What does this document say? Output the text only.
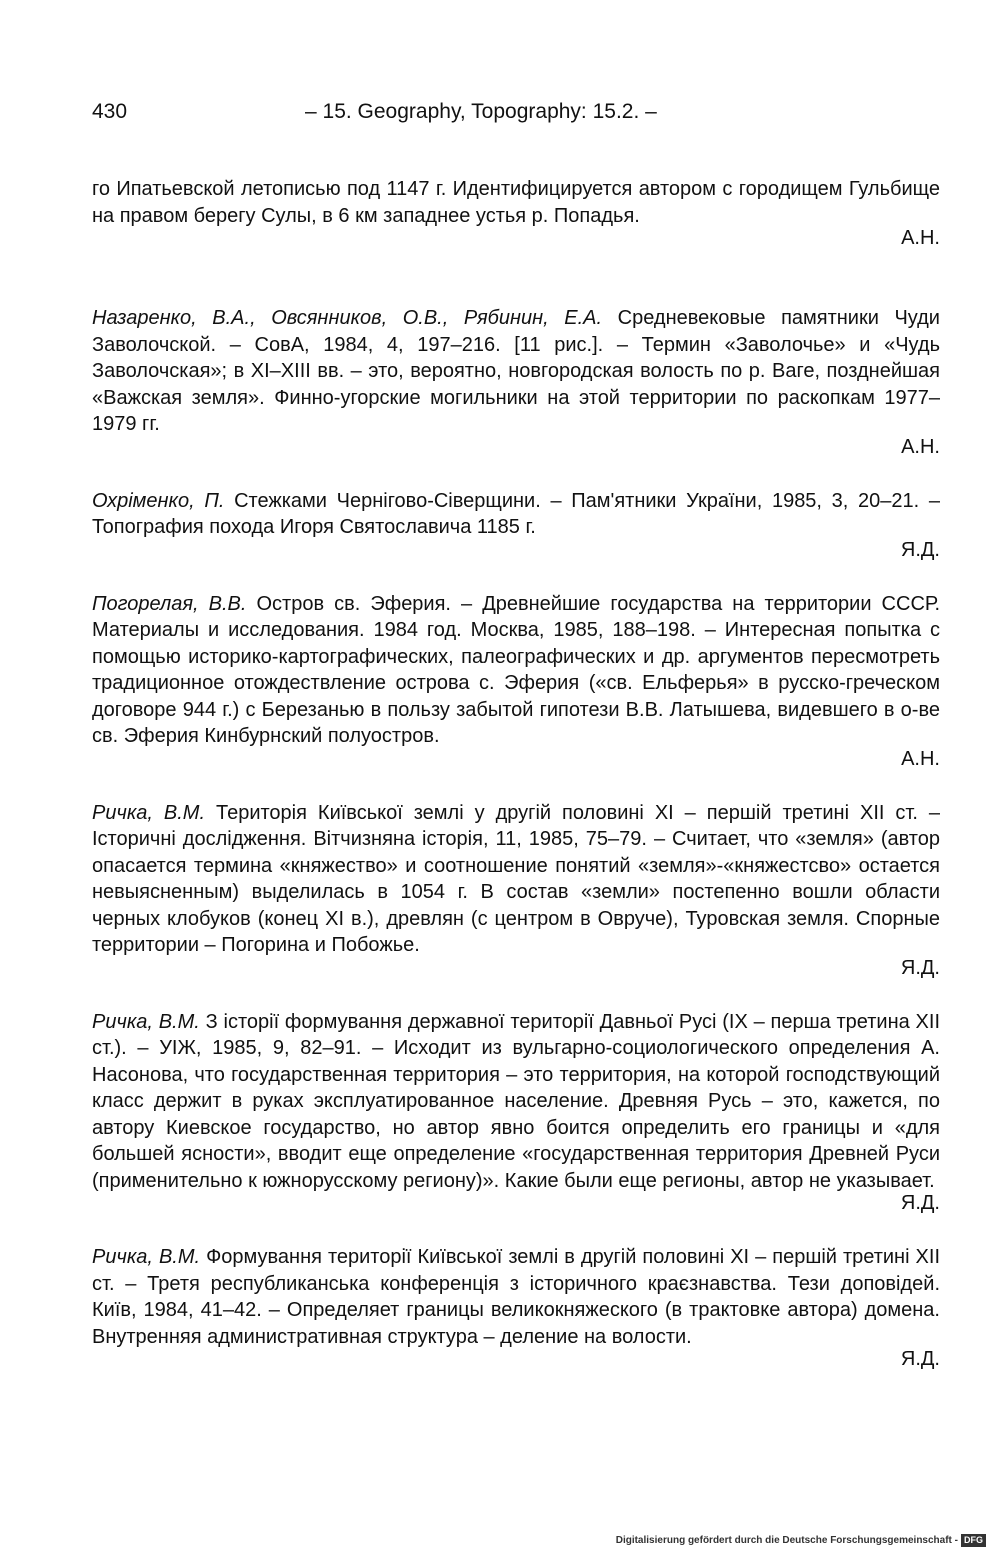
430	– 15. Geography, Topography: 15.2. –

го Ипатьевской летописью под 1147 г. Идентифицируется автором с городищем Гульбище на правом берегу Сулы, в 6 км западнее устья р. Попадья.

А.Н.

Назаренко, В.А., Овсянников, О.В., Рябинин, Е.А. Средневековые памятники Чуди Заволочской. – СовА, 1984, 4, 197–216. [11 рис.]. – Термин «Заволочье» и «Чудь Заволочская»; в XI–XIII вв. – это, вероятно, новгородская волость по р. Ваге, позднейшая «Важская земля». Финно-угорские могильники на этой территории по раскопкам 1977–1979 гг.

А.Н.

Охріменко, П. Стежками Чернігово-Сіверщини. – Пам'ятники України, 1985, 3, 20–21. – Топография похода Игоря Святославича 1185 г.

Я.Д.

Погорелая, В.В. Остров св. Эферия. – Древнейшие государства на территории СССР. Материалы и исследования. 1984 год. Москва, 1985, 188–198. – Интересная попытка с помощью историко-картографических, палеографических и др. аргументов пересмотреть традиционное отождествление острова с. Эферия («св. Ельферья» в русско-греческом договоре 944 г.) с Березанью в пользу забытой гипотези В.В. Латышева, видевшего в о-ве св. Эферия Кинбурнский полуостров.

А.Н.

Ричка, В.М. Територія Київської землі у другій половині XI – першій третині XII ст. – Історичні дослідження. Вітчизняна історія, 11, 1985, 75–79. – Считает, что «земля» (автор опасается термина «княжество» и соотношение понятий «земля»-«княжестсво» остается невыясненным) выделилась в 1054 г. В состав «земли» постепенно вошли области черных клобуков (конец XI в.), древлян (с центром в Овруче), Туровская земля. Спорные территории – Погорина и Побожье.

Я.Д.

Ричка, В.М. З історії формування державної території Давньої Русі (IX – перша третина XII ст.). – УІЖ, 1985, 9, 82–91. – Исходит из вульгарно-социологического определения А. Насонова, что государственная территория – это территория, на которой господствующий класс держит в руках эксплуатированное население. Древняя Русь – это, кажется, по автору Киевское государство, но автор явно боится определить его границы и «для большей ясности», вводит еще определение «государственная территория Древней Руси (применительно к южнорусскому региону)». Какие были еще регионы, автор не указывает.

Я.Д.

Ричка, В.М. Формування території Київської землі в другій половині XI – першій третині XII ст. – Третя республиканська конференція з історичного краєзнавства. Тези доповідей. Київ, 1984, 41–42. – Определяет границы великокняжеского (в трактовке автора) домена. Внутренняя административная структура – деление на волости.

Я.Д.
Digitalisierung gefördert durch die Deutsche Forschungsgemeinschaft - DFG
